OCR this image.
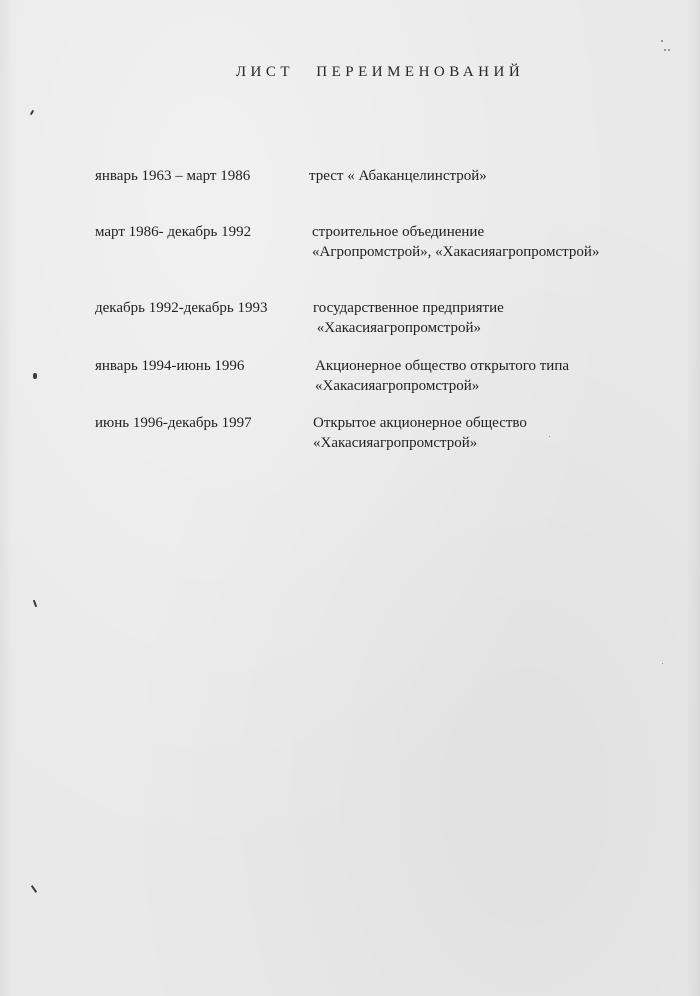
ЛИСТ ПЕРЕИМЕНОВАНИЙ
январь 1963 – март 1986	трест « Абаканцелинстрой»
март 1986- декабрь 1992	строительное объединение
«Агропромстрой», «Хакасияагропромстрой»
декабрь 1992-декабрь 1993	государственное предприятие
«Хакасияагропромстрой»
январь 1994-июнь 1996	Акционерное общество открытого типа
«Хакасияагропромстрой»
июнь 1996-декабрь 1997	Открытое акционерное общество
«Хакасияагропромстрой»
